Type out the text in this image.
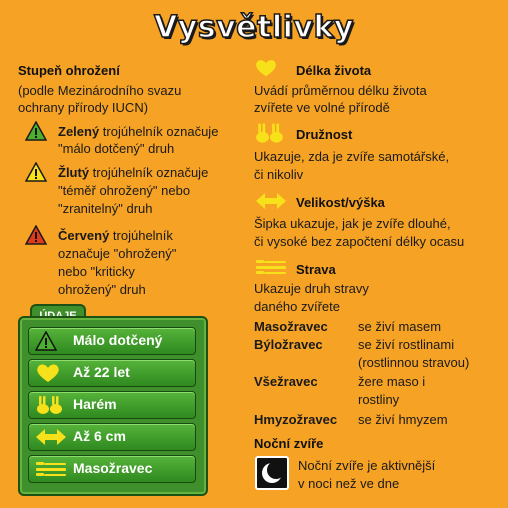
Vysvětlivky
Stupeň ohrožení
(podle Mezinárodního svazu
ochrany přírody IUCN)
Zelený trojúhelník označuje
"málo dotčený" druh
Žlutý trojúhelník označuje
"téměř ohrožený" nebo
"zranitelný" druh
Červený trojúhelník
označuje "ohrožený"
nebo "kriticky
ohrožený" druh
Málo dotčený
Až 22 let
Harém
Až 6 cm
Masožravec
Délka života
Uvádí průměrnou délku života
zvířete ve volné přírodě
Družnost
Ukazuje, zda je zvíře samotářské,
či nikoliv
Velikost/výška
Šipka ukazuje, jak je zvíře dlouhé,
či vysoké bez započtení délky ocasu
Strava
Ukazuje druh stravy
daného zvířete
Masožravec se živí masem
Býložravec	se živí rostlinami
(rostlinnou stravou)
Všežravec	žere maso i
rostliny
Hmyzožravec se živí hmyzem
Noční zvíře
Noční zvíře je aktivnější
v noci než ve dne
